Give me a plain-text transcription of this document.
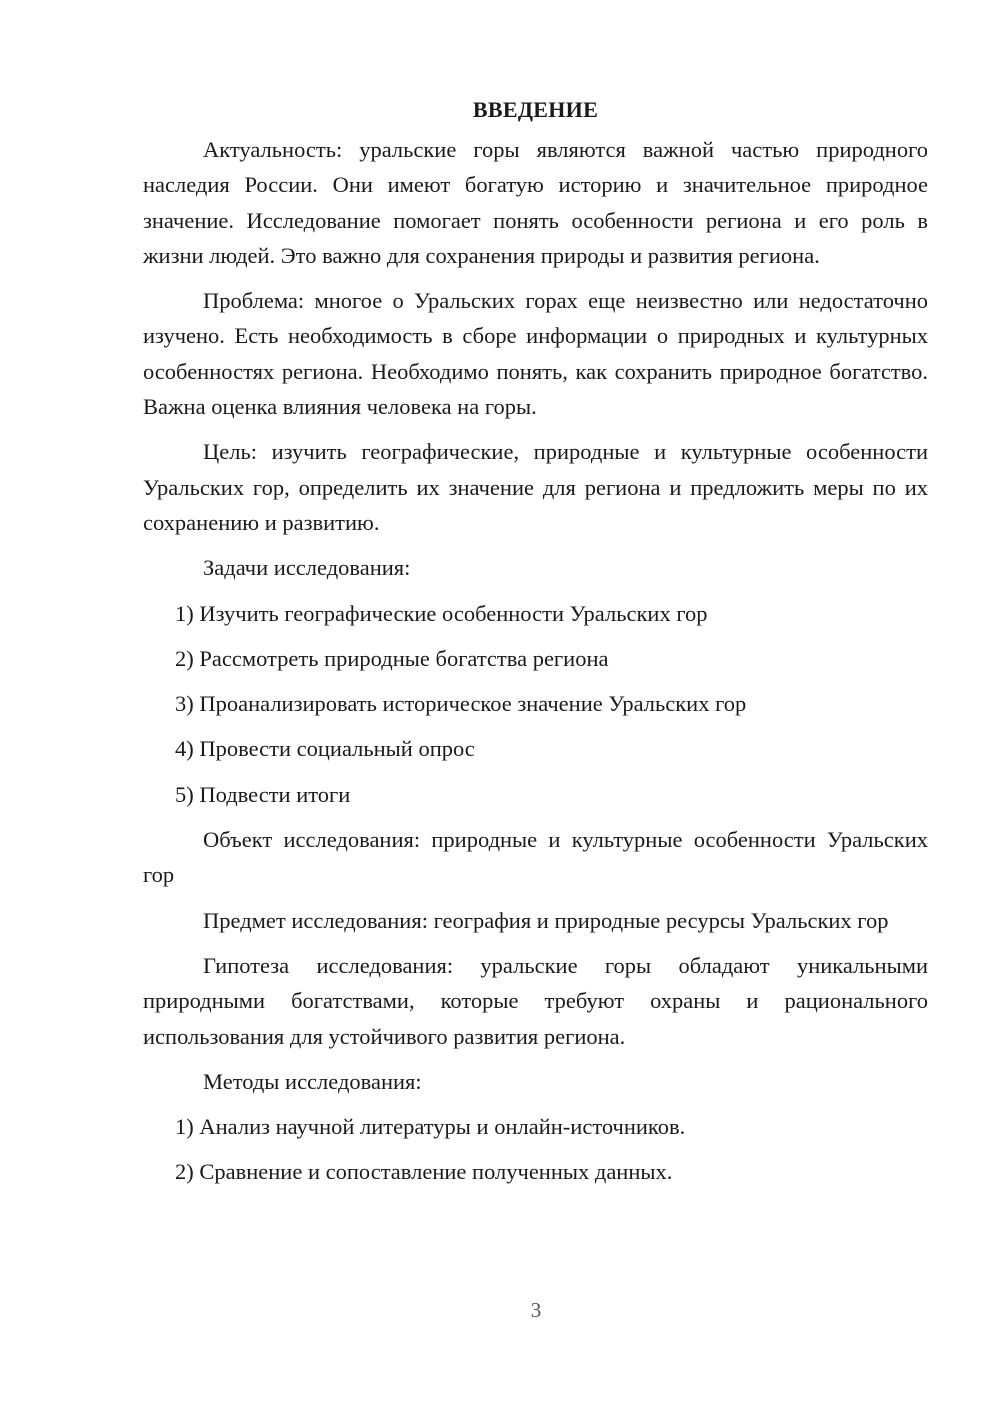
ВВЕДЕНИЕ

Актуальность: уральские горы являются важной частью природного наследия России. Они имеют богатую историю и значительное природное значение. Исследование помогает понять особенности региона и его роль в жизни людей. Это важно для сохранения природы и развития региона.

Проблема: многое о Уральских горах еще неизвестно или недостаточно изучено. Есть необходимость в сборе информации о природных и культурных особенностях региона. Необходимо понять, как сохранить природное богатство. Важна оценка влияния человека на горы.

Цель: изучить географические, природные и культурные особенности Уральских гор, определить их значение для региона и предложить меры по их сохранению и развитию.

Задачи исследования:

1) Изучить географические особенности Уральских гор

2) Рассмотреть природные богатства региона

3) Проанализировать историческое значение Уральских гор

4) Провести социальный опрос

5) Подвести итоги

Объект исследования: природные и культурные особенности Уральских гор

Предмет исследования: география и природные ресурсы Уральских гор

Гипотеза исследования: уральские горы обладают уникальными природными богатствами, которые требуют охраны и рационального использования для устойчивого развития региона.

Методы исследования:

1) Анализ научной литературы и онлайн-источников.

2) Сравнение и сопоставление полученных данных.

3
